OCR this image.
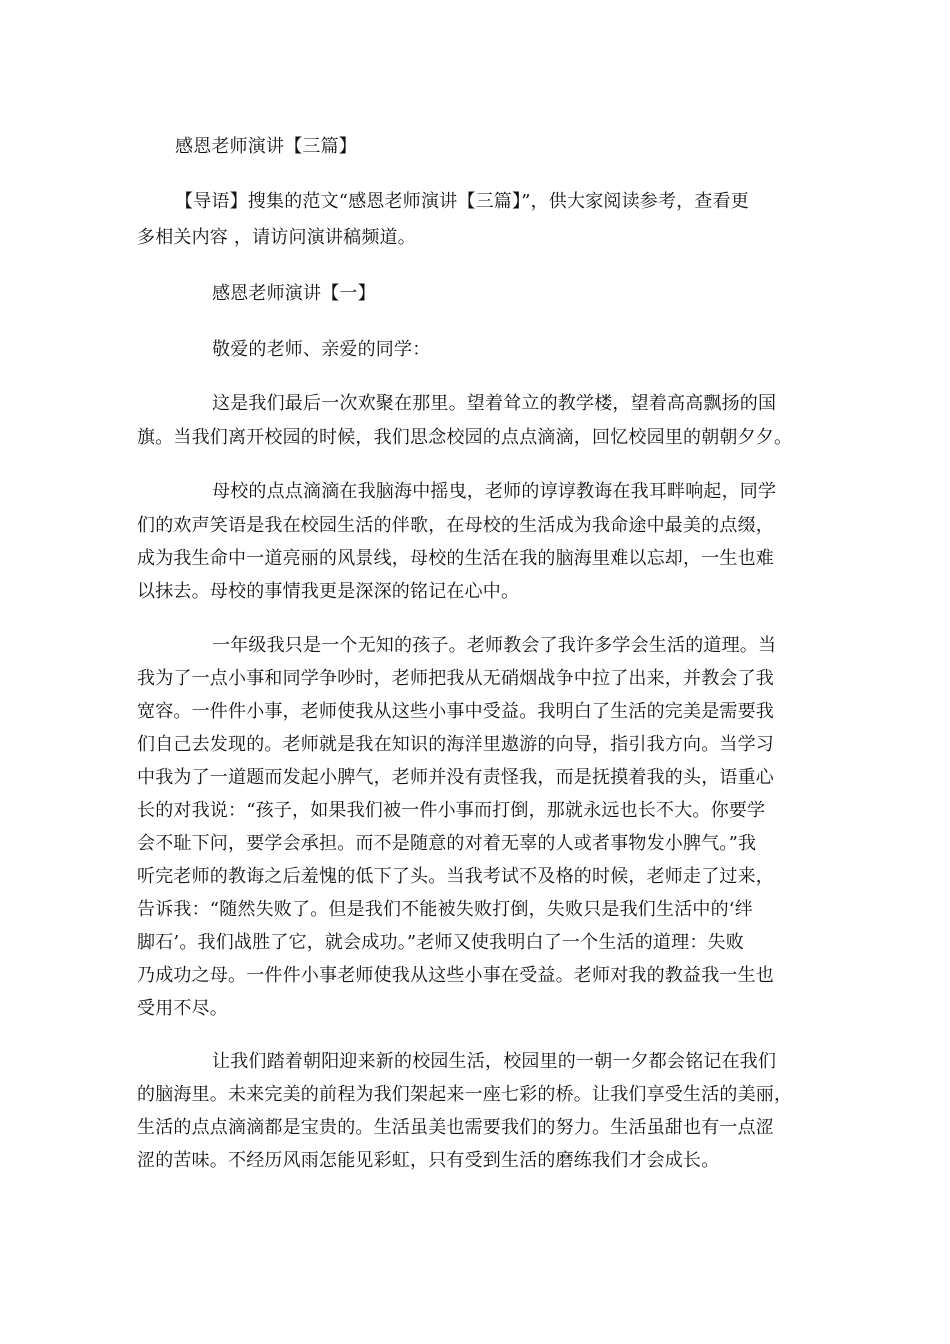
感恩老师演讲【三篇】
【导语】搜集的范文“感恩老师演讲【三篇】”，供大家阅读参考，查看更
多相关内容 ，请访问演讲稿频道。
感恩老师演讲【一】
敬爱的老师、亲爱的同学：
这是我们最后一次欢聚在那里。望着耸立的教学楼，望着高高飘扬的国
旗。当我们离开校园的时候，我们思念校园的点点滴滴，回忆校园里的朝朝夕夕。
母校的点点滴滴在我脑海中摇曳，老师的谆谆教诲在我耳畔响起，同学
们的欢声笑语是我在校园生活的伴歌，在母校的生活成为我命途中最美的点缀，
成为我生命中一道亮丽的风景线，母校的生活在我的脑海里难以忘却，一生也难
以抹去。母校的事情我更是深深的铭记在心中。
一年级我只是一个无知的孩子。老师教会了我许多学会生活的道理。当
我为了一点小事和同学争吵时，老师把我从无硝烟战争中拉了出来，并教会了我
宽容。一件件小事，老师使我从这些小事中受益。我明白了生活的完美是需要我
们自己去发现的。老师就是我在知识的海洋里遨游的向导，指引我方向。当学习
中我为了一道题而发起小脾气，老师并没有责怪我，而是抚摸着我的头，语重心
长的对我说：“孩子，如果我们被一件小事而打倒，那就永远也长不大。你要学
会不耻下问，要学会承担。而不是随意的对着无辜的人或者事物发小脾气。”我
听完老师的教诲之后羞愧的低下了头。当我考试不及格的时候，老师走了过来，
告诉我：“随然失败了。但是我们不能被失败打倒，失败只是我们生活中的‘绊
脚石’。我们战胜了它，就会成功。”老师又使我明白了一个生活的道理：失败
乃成功之母。一件件小事老师使我从这些小事在受益。老师对我的教益我一生也
受用不尽。
让我们踏着朝阳迎来新的校园生活，校园里的一朝一夕都会铭记在我们
的脑海里。未来完美的前程为我们架起来一座七彩的桥。让我们享受生活的美丽，
生活的点点滴滴都是宝贵的。生活虽美也需要我们的努力。生活虽甜也有一点涩
涩的苦味。不经历风雨怎能见彩虹，只有受到生活的磨练我们才会成长。
